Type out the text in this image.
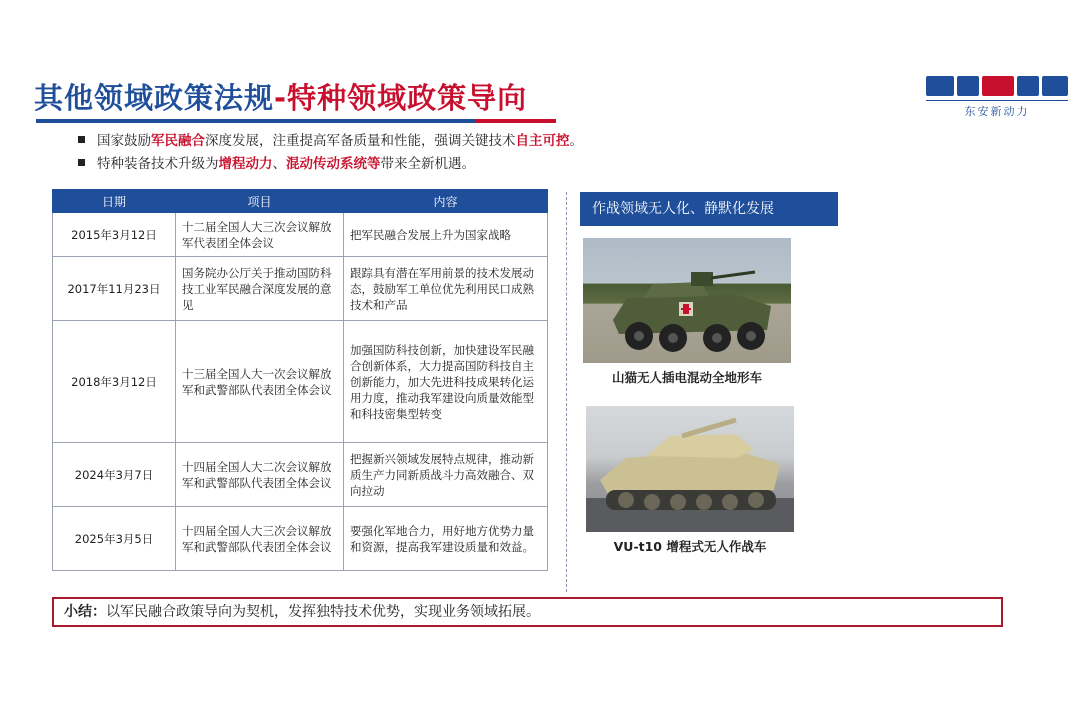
其他领域政策法规-特种领域政策导向	东安新动力
国家鼓励军民融合深度发展，注重提高军备质量和性能，强调关键技术自主可控。
特种装备技术升级为增程动力、混动传动系统等带来全新机遇。
日期	项目	内容
2015年3月12日	十二届全国人大三次会议解放军代表团全体会议	把军民融合发展上升为国家战略
2017年11月23日	国务院办公厅关于推动国防科技工业军民融合深度发展的意见	跟踪具有潜在军用前景的技术发展动态，鼓励军工单位优先利用民口成熟技术和产品
2018年3月12日	十三届全国人大一次会议解放军和武警部队代表团全体会议	加强国防科技创新，加快建设军民融合创新体系，大力提高国防科技自主创新能力，加大先进科技成果转化运用力度，推动我军建设向质量效能型和科技密集型转变
2024年3月7日	十四届全国人大二次会议解放军和武警部队代表团全体会议	把握新兴领域发展特点规律，推动新质生产力同新质战斗力高效融合、双向拉动
2025年3月5日	十四届全国人大三次会议解放军和武警部队代表团全体会议	要强化军地合力，用好地方优势力量和资源，提高我军建设质量和效益。
作战领域无人化、静默化发展
山猫无人插电混动全地形车
VU-t10 增程式无人作战车
小结：以军民融合政策导向为契机，发挥独特技术优势，实现业务领域拓展。
